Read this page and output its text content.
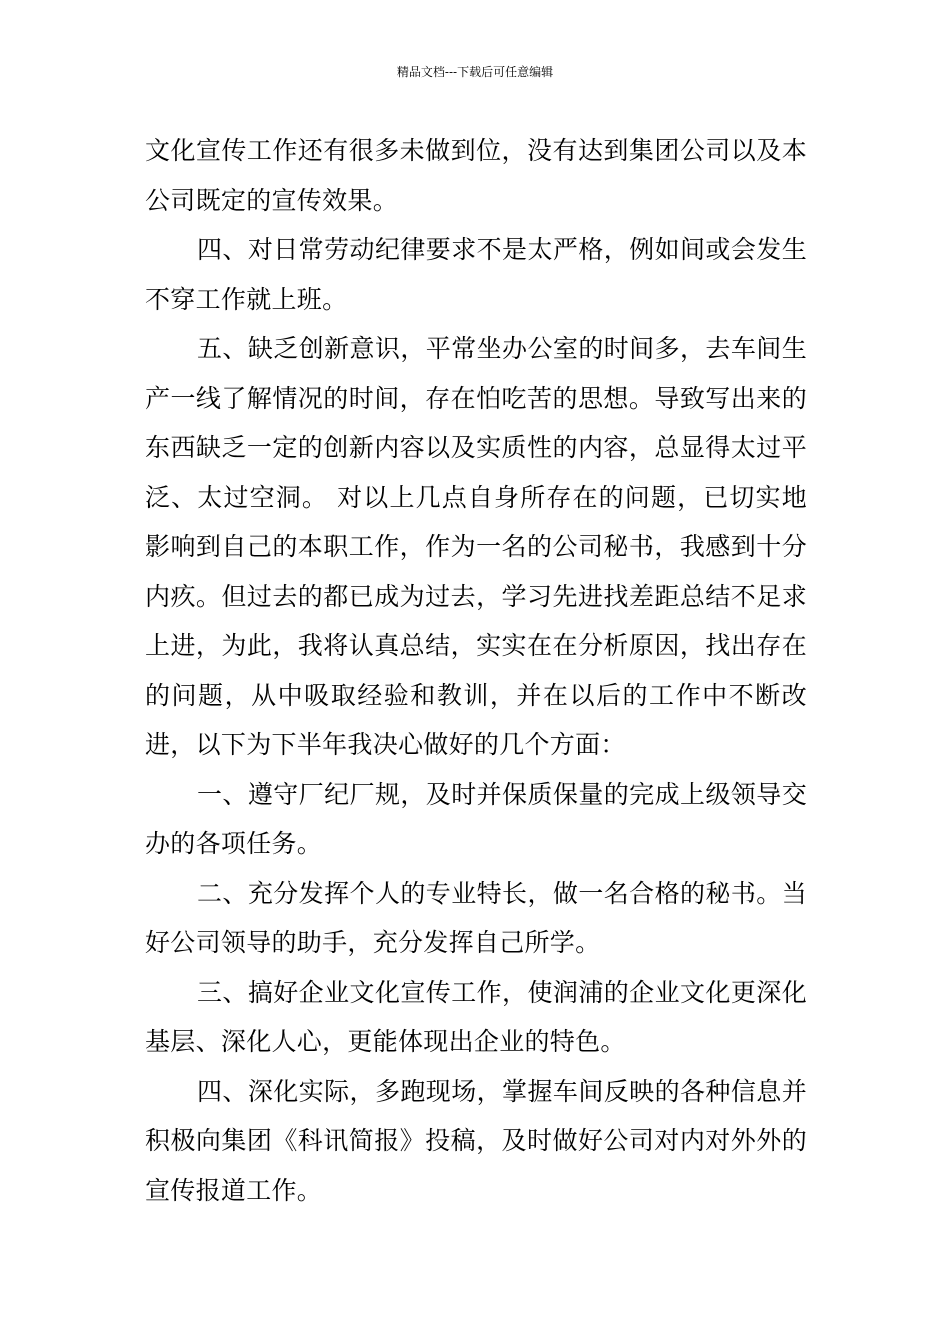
精品文档---下载后可任意编辑

文化宣传工作还有很多未做到位，没有达到集团公司以及本公司既定的宣传效果。

四、对日常劳动纪律要求不是太严格，例如间或会发生不穿工作就上班。

五、缺乏创新意识，平常坐办公室的时间多，去车间生产一线了解情况的时间，存在怕吃苦的思想。导致写出来的东西缺乏一定的创新内容以及实质性的内容，总显得太过平泛、太过空洞。 对以上几点自身所存在的问题，已切实地影响到自己的本职工作，作为一名的公司秘书，我感到十分内疚。但过去的都已成为过去，学习先进找差距总结不足求上进，为此，我将认真总结，实实在在分析原因，找出存在的问题，从中吸取经验和教训，并在以后的工作中不断改进，以下为下半年我决心做好的几个方面：

一、遵守厂纪厂规，及时并保质保量的完成上级领导交办的各项任务。

二、充分发挥个人的专业特长，做一名合格的秘书。当好公司领导的助手，充分发挥自己所学。

三、搞好企业文化宣传工作，使润浦的企业文化更深化基层、深化人心，更能体现出企业的特色。

四、深化实际，多跑现场，掌握车间反映的各种信息并积极向集团《科讯简报》投稿，及时做好公司对内对外外的宣传报道工作。
